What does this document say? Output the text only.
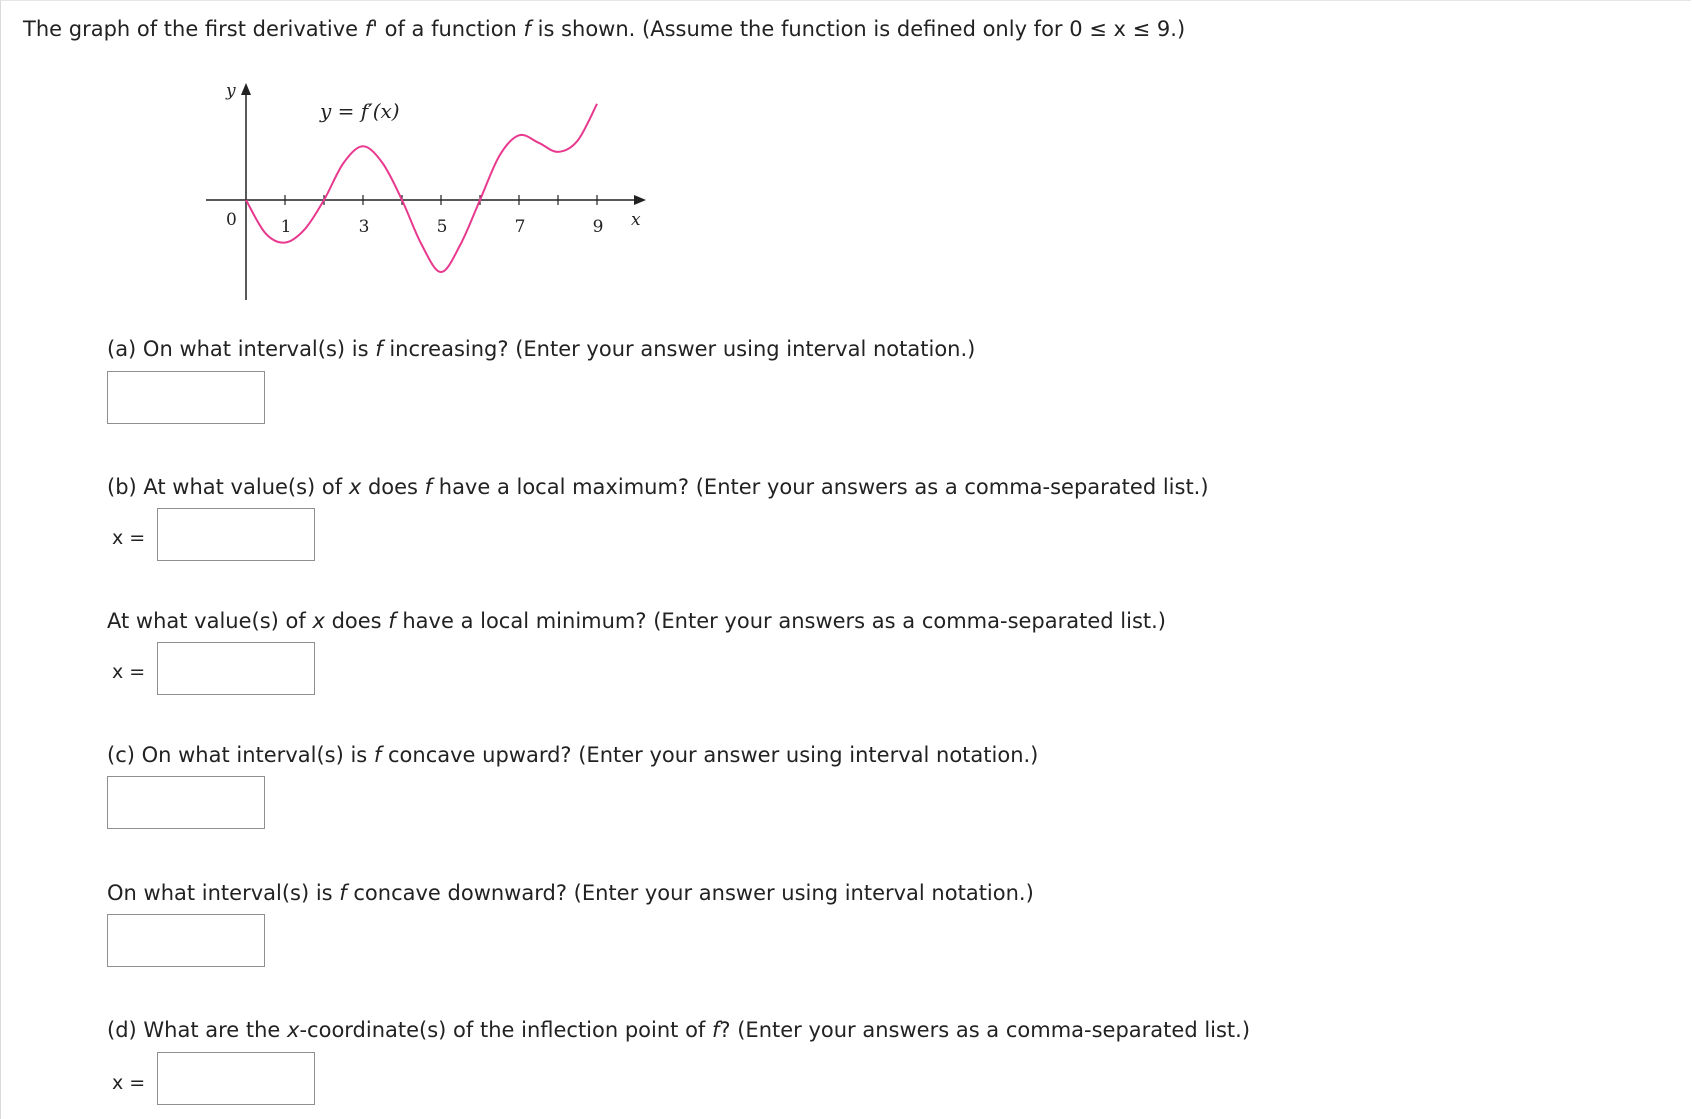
The graph of the first derivative f' of a function f is shown. (Assume the function is defined only for 0 ≤ x ≤ 9.)
y
x
0	1	3	5	7	9
y = f′(x)
(a) On what interval(s) is f increasing? (Enter your answer using interval notation.)
(b) At what value(s) of x does f have a local maximum? (Enter your answers as a comma-separated list.)
x =
At what value(s) of x does f have a local minimum? (Enter your answers as a comma-separated list.)
x =
(c) On what interval(s) is f concave upward? (Enter your answer using interval notation.)
On what interval(s) is f concave downward? (Enter your answer using interval notation.)
(d) What are the x-coordinate(s) of the inflection point of f? (Enter your answers as a comma-separated list.)
x =
